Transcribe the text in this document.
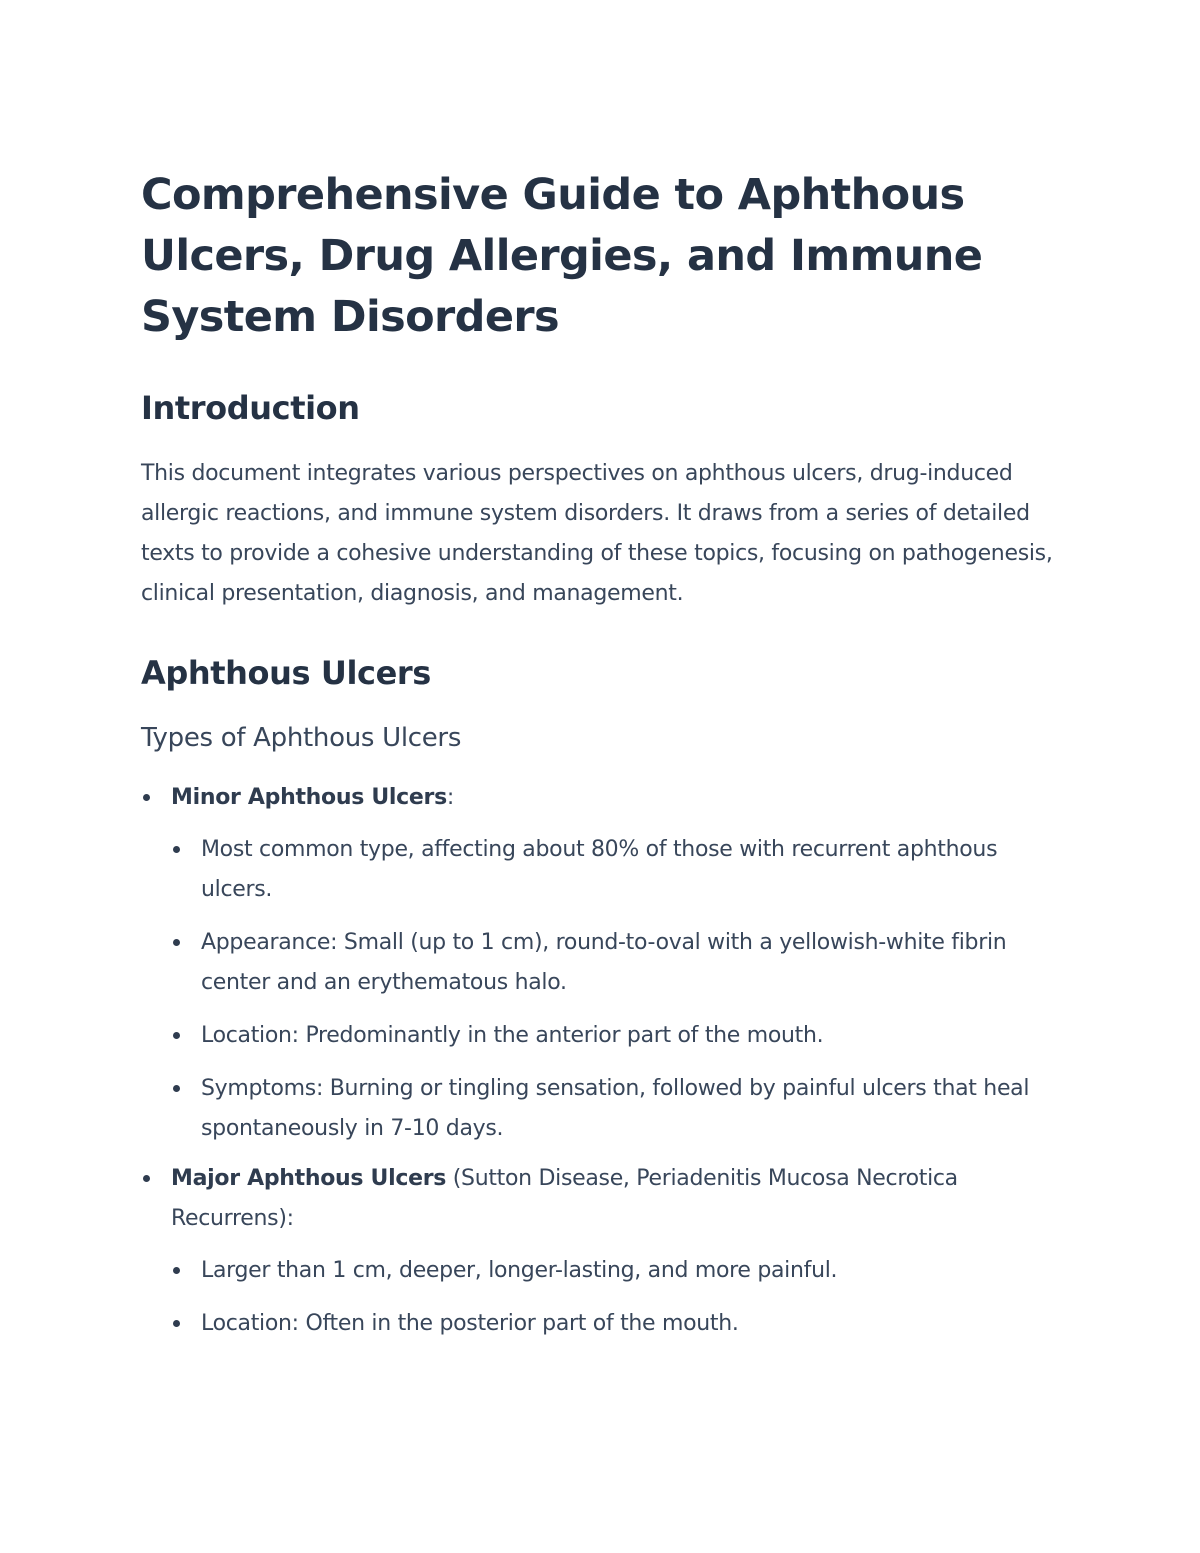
Comprehensive Guide to Aphthous Ulcers, Drug Allergies, and Immune System Disorders
Introduction

This document integrates various perspectives on aphthous ulcers, drug-induced allergic reactions, and immune system disorders. It draws from a series of detailed texts to provide a cohesive understanding of these topics, focusing on pathogenesis, clinical presentation, diagnosis, and management.

Aphthous Ulcers
Types of Aphthous Ulcers
Minor Aphthous Ulcers:
Most common type, affecting about 80% of those with recurrent aphthous ulcers.
Appearance: Small (up to 1 cm), round-to-oval with a yellowish-white fibrin center and an erythematous halo.
Location: Predominantly in the anterior part of the mouth.
Symptoms: Burning or tingling sensation, followed by painful ulcers that heal spontaneously in 7-10 days.
Major Aphthous Ulcers (Sutton Disease, Periadenitis Mucosa Necrotica Recurrens):
Larger than 1 cm, deeper, longer-lasting, and more painful.
Location: Often in the posterior part of the mouth.
